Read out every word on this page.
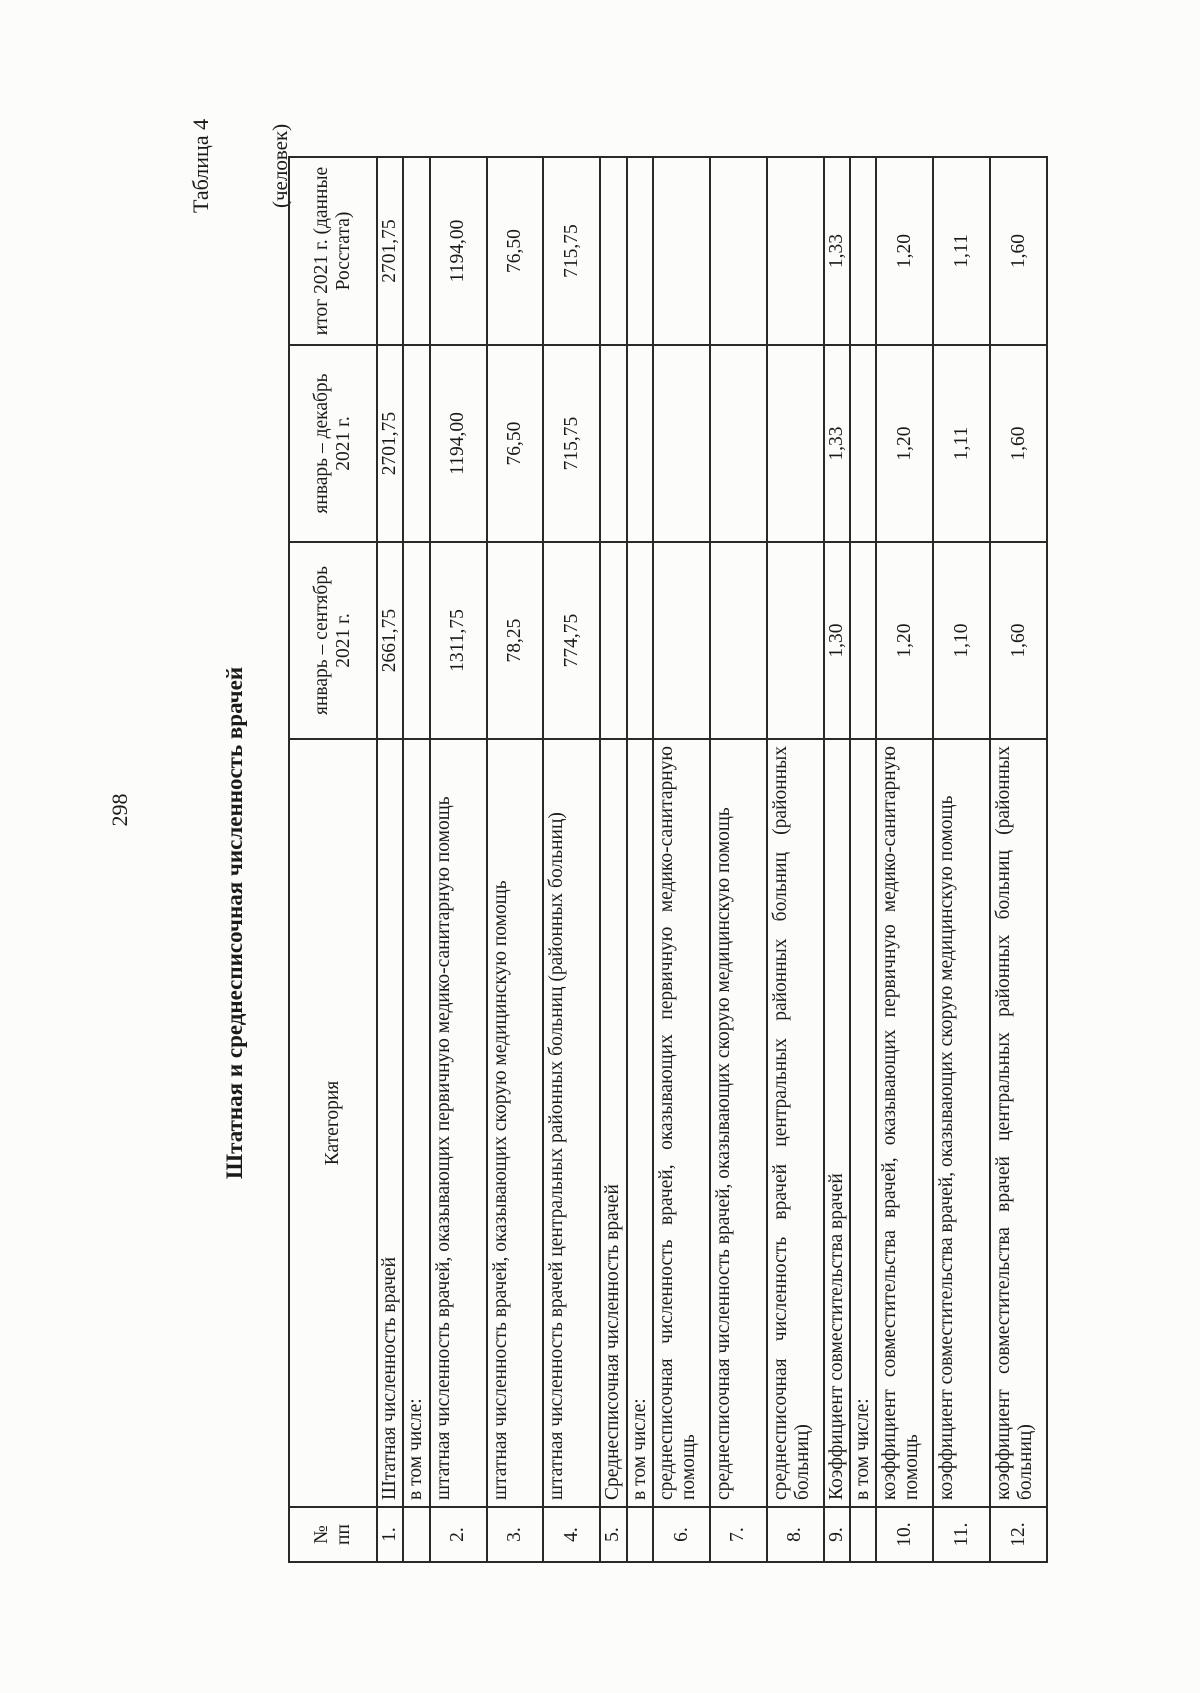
298
Таблица 4
Штатная и среднесписочная численность врачей
(человек)
№ пп	Категория	январь – сентябрь 2021 г.	январь – декабрь 2021 г.	итог 2021 г. (данные Росстата)
1.	Штатная численность врачей	2661,75	2701,75	2701,75
	в том числе:			
2.	штатная численность врачей, оказывающих первичную медико-санитарную помощь	1311,75	1194,00	1194,00
3.	штатная численность врачей, оказывающих скорую медицинскую помощь	78,25	76,50	76,50
4.	штатная численность врачей центральных районных больниц (районных больниц)	774,75	715,75	715,75
5.	Среднесписочная численность врачей			
	в том числе:			
6.	среднесписочная численность врачей, оказывающих первичную медико-санитарную помощь			
7.	среднесписочная численность врачей, оказывающих скорую медицинскую помощь			
8.	среднесписочная численность врачей центральных районных больниц (районных больниц)			
9.	Коэффициент совместительства врачей	1,30	1,33	1,33
	в том числе:			
10.	коэффициент совместительства врачей, оказывающих первичную медико-санитарную помощь	1,20	1,20	1,20
11.	коэффициент совместительства врачей, оказывающих скорую медицинскую помощь	1,10	1,11	1,11
12.	коэффициент совместительства врачей центральных районных больниц (районных больниц)	1,60	1,60	1,60
